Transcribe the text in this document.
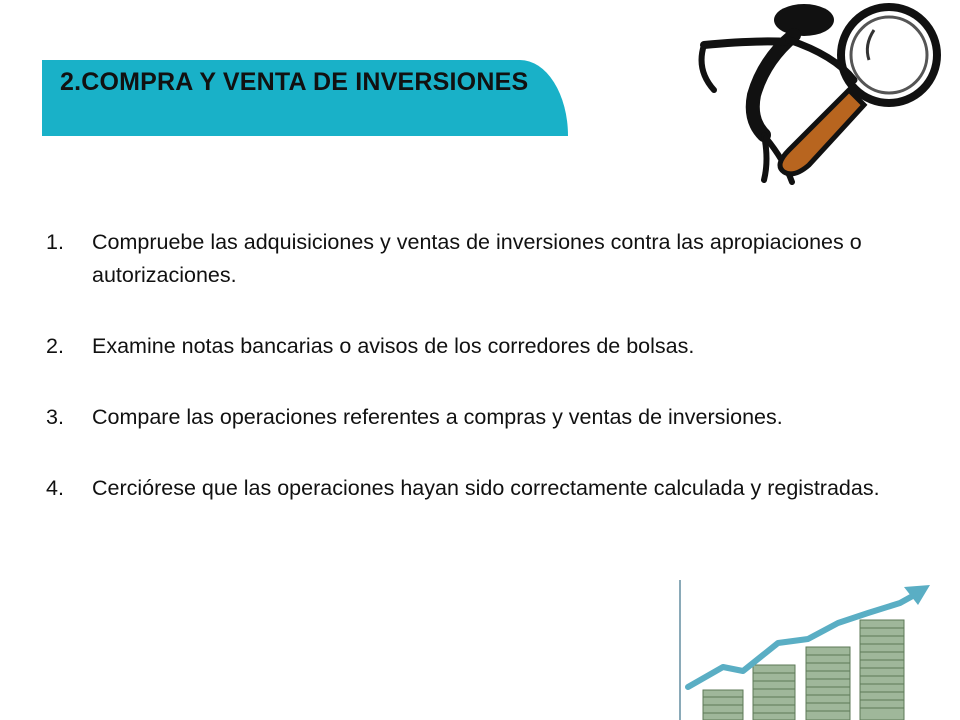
2.COMPRA Y VENTA DE INVERSIONES
1. Compruebe las adquisiciones y ventas de inversiones contra las apropiaciones o autorizaciones.
2. Examine notas bancarias o avisos de los corredores de bolsas.
3. Compare las operaciones referentes a compras y ventas de inversiones.
4. Cerciórese que las operaciones hayan sido correctamente calculada y registradas.
